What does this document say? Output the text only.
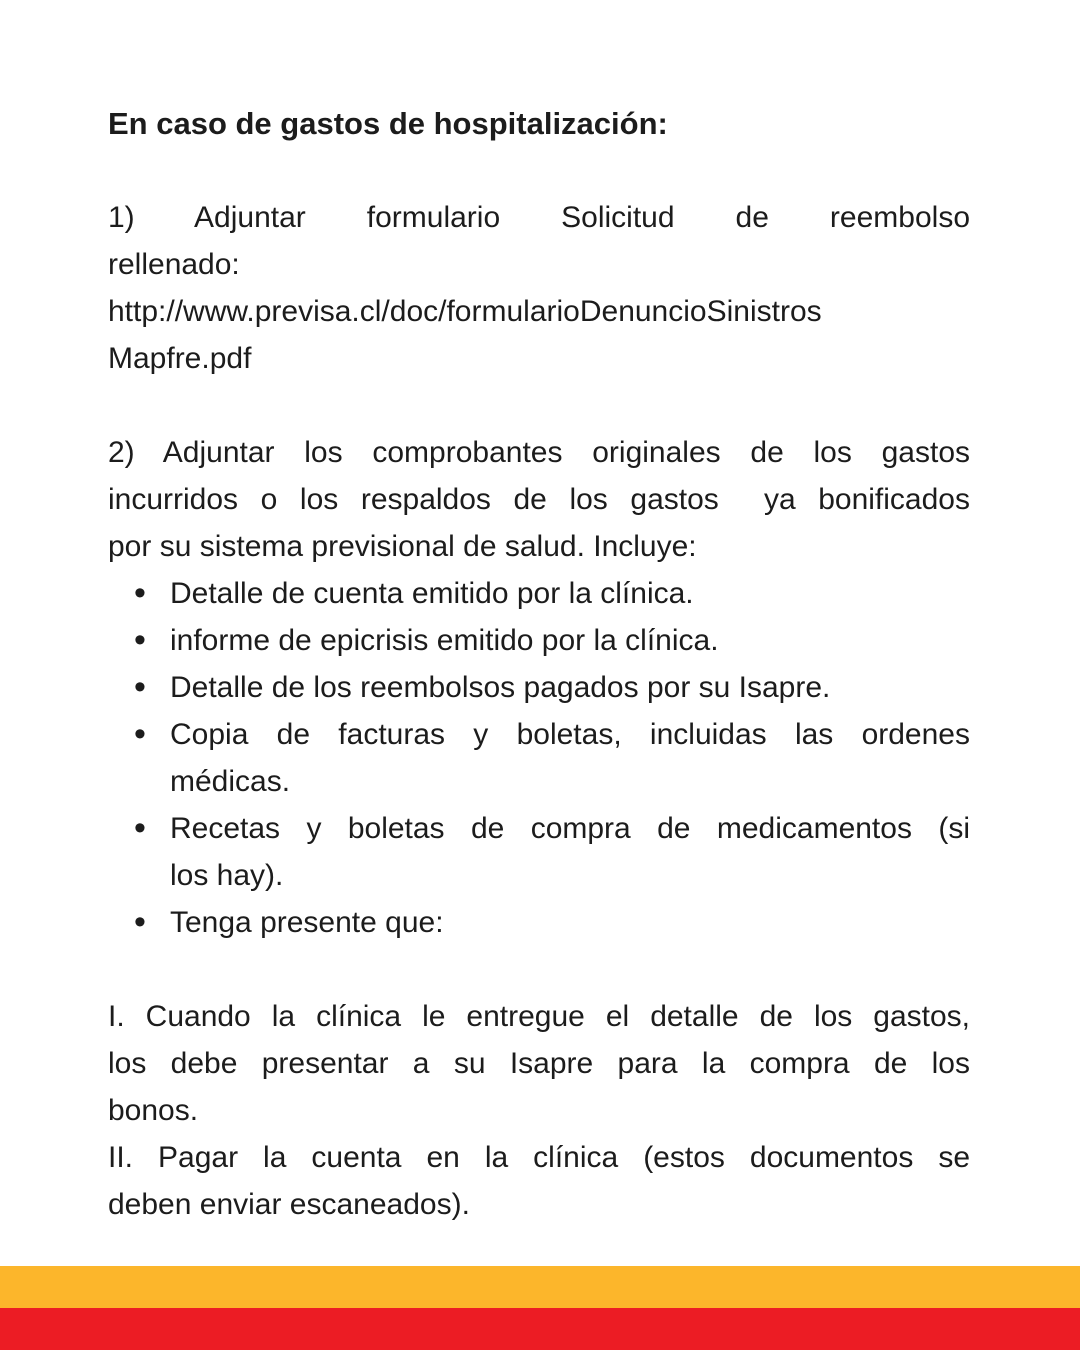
En caso de gastos de hospitalización:
1) Adjuntar formulario Solicitud de reembolso
rellenado:
http://www.previsa.cl/doc/formularioDenuncioSinistros
Mapfre.pdf
2) Adjuntar los comprobantes originales de los gastos
incurridos o los respaldos de los gastos  ya bonificados
por su sistema previsional de salud. Incluye:
• Detalle de cuenta emitido por la clínica.
• informe de epicrisis emitido por la clínica.
• Detalle de los reembolsos pagados por su Isapre.
• Copia de facturas y boletas, incluidas las ordenes
médicas.
• Recetas y boletas de compra de medicamentos (si
los hay).
• Tenga presente que:
I. Cuando la clínica le entregue el detalle de los gastos,
los debe presentar a su Isapre para la compra de los
bonos.
II. Pagar la cuenta en la clínica (estos documentos se
deben enviar escaneados).
